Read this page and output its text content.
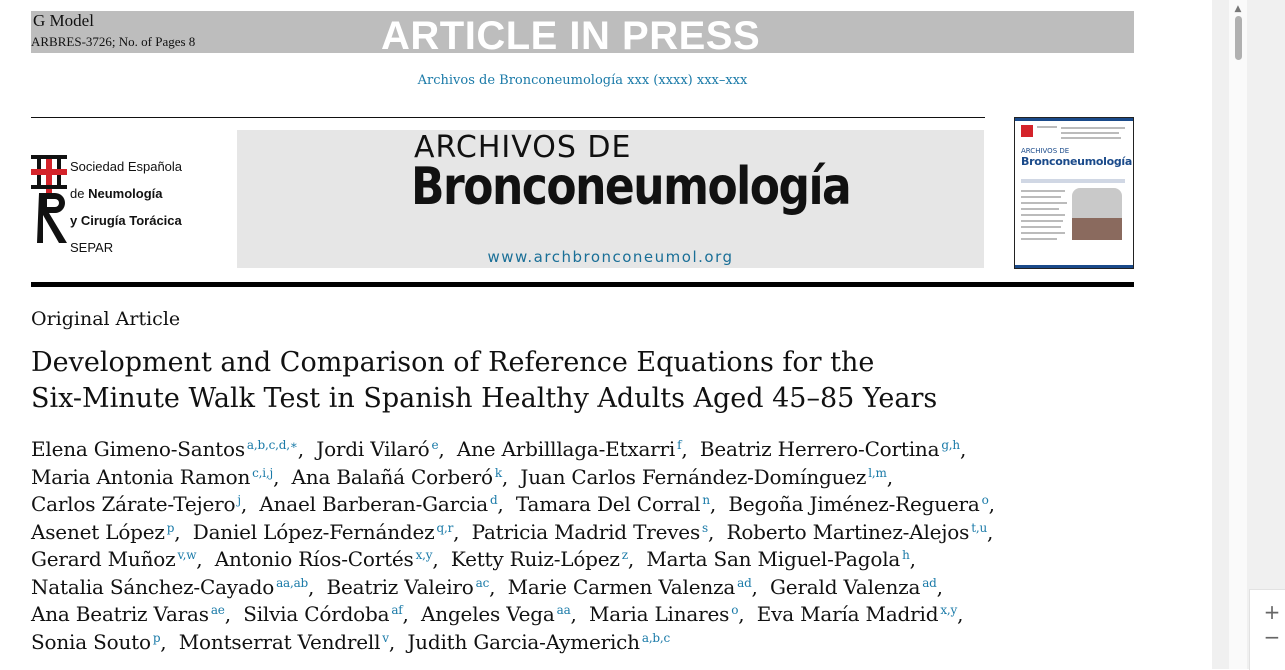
G Model
ARBRES-3726; No. of Pages 8	ARTICLE IN PRESS
Archivos de Bronconeumología xxx (xxxx) xxx–xxx
Sociedad Española
de Neumología
y Cirugía Torácica
SEPAR
ARCHIVOS DE
Bronconeumología
www.archbronconeumol.org
ARCHIVOS DE
Bronconeumología
Original Article
Development and Comparison of Reference Equations for the
Six-Minute Walk Test in Spanish Healthy Adults Aged 45–85 Years
Elena Gimeno-Santos $^{a,b,c,d,∗}$,  Jordi Vilaró $^e$,  Ane Arbilllaga-Etxarri $^f$,  Beatriz Herrero-Cortina $^{g,h}$,
Maria Antonia Ramon $^{c,i,j}$,  Ana Balañá Corberó $^k$,  Juan Carlos Fernández-Domínguez $^{l,m}$,
Carlos Zárate-Tejero $^j$,  Anael Barberan-Garcia $^d$,  Tamara Del Corral $^n$,  Begoña Jiménez-Reguera $^o$,
Asenet López $^p$,  Daniel López-Fernández $^{q,r}$,  Patricia Madrid Treves $^s$,  Roberto Martinez-Alejos $^{t,u}$,
Gerard Muñoz $^{v,w}$,  Antonio Ríos-Cortés $^{x,y}$,  Ketty Ruiz-López $^z$,  Marta San Miguel-Pagola $^h$,
Natalia Sánchez-Cayado $^{aa,ab}$,  Beatriz Valeiro $^{ac}$,  Marie Carmen Valenza $^{ad}$,  Gerald Valenza $^{ad}$,
Ana Beatriz Varas $^{ae}$,  Silvia Córdoba $^{af}$,  Angeles Vega $^{aa}$,  Maria Linares $^o$,  Eva María Madrid $^{x,y}$,
Sonia Souto $^p$,  Montserrat Vendrell $^v$,  Judith Garcia-Aymerich $^{a,b,c}$
▲
+
−
